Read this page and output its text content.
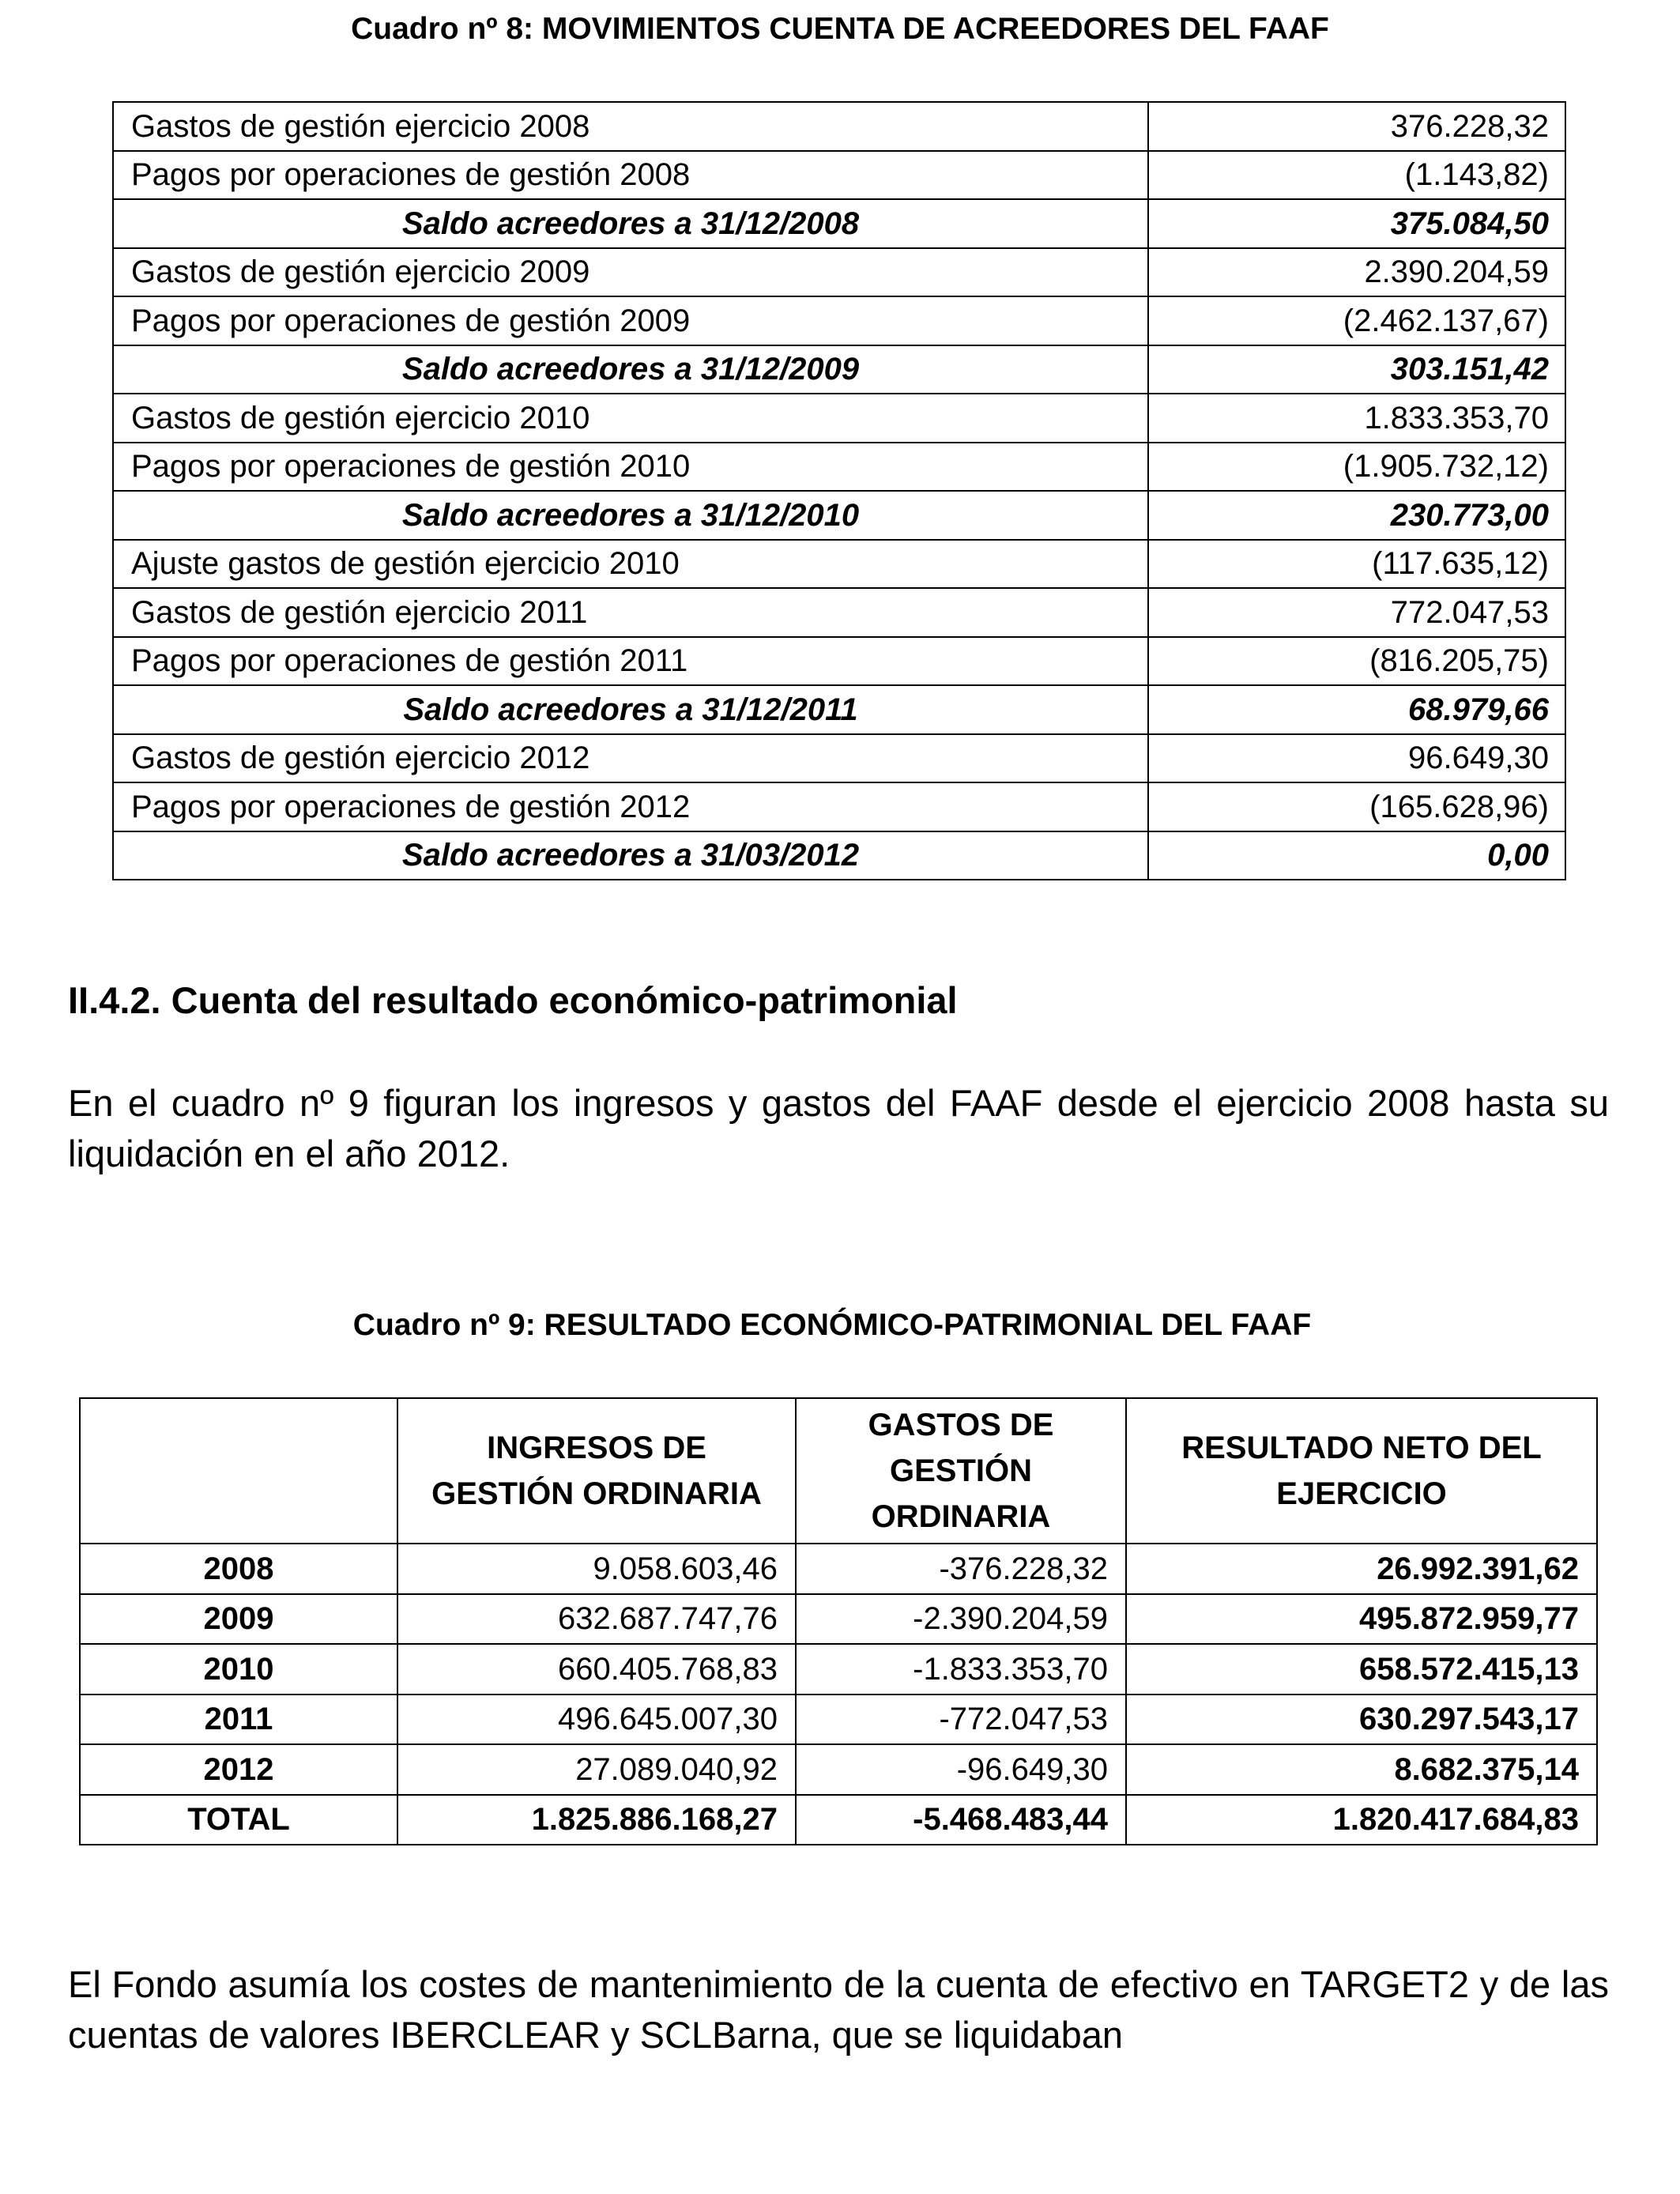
Cuadro nº 8: MOVIMIENTOS CUENTA DE ACREEDORES DEL FAAF
Gastos de gestión ejercicio 2008	376.228,32
Pagos por operaciones de gestión 2008	(1.143,82)
Saldo acreedores a 31/12/2008	375.084,50
Gastos de gestión ejercicio 2009	2.390.204,59
Pagos por operaciones de gestión 2009	(2.462.137,67)
Saldo acreedores a 31/12/2009	303.151,42
Gastos de gestión ejercicio 2010	1.833.353,70
Pagos por operaciones de gestión 2010	(1.905.732,12)
Saldo acreedores a 31/12/2010	230.773,00
Ajuste gastos de gestión ejercicio 2010	(117.635,12)
Gastos de gestión ejercicio 2011	772.047,53
Pagos por operaciones de gestión 2011	(816.205,75)
Saldo acreedores a 31/12/2011	68.979,66
Gastos de gestión ejercicio 2012	96.649,30
Pagos por operaciones de gestión 2012	(165.628,96)
Saldo acreedores a 31/03/2012	0,00
II.4.2. Cuenta del resultado económico-patrimonial
En el cuadro nº 9 figuran los ingresos y gastos del FAAF desde el ejercicio 2008 hasta su liquidación en el año 2012.
Cuadro nº 9: RESULTADO ECONÓMICO-PATRIMONIAL DEL FAAF
	INGRESOS DE GESTIÓN ORDINARIA	GASTOS DE GESTIÓN ORDINARIA	RESULTADO NETO DEL EJERCICIO
2008	9.058.603,46	-376.228,32	26.992.391,62
2009	632.687.747,76	-2.390.204,59	495.872.959,77
2010	660.405.768,83	-1.833.353,70	658.572.415,13
2011	496.645.007,30	-772.047,53	630.297.543,17
2012	27.089.040,92	-96.649,30	8.682.375,14
TOTAL	1.825.886.168,27	-5.468.483,44	1.820.417.684,83
El Fondo asumía los costes de mantenimiento de la cuenta de efectivo en TARGET2 y de las cuentas de valores IBERCLEAR y SCLBarna, que se liquidaban
